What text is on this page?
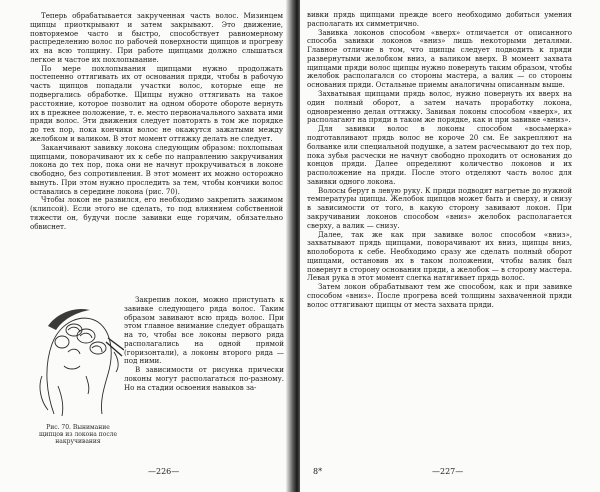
Теперь обрабатывается закрученная часть волос. Мизинцем щипцы приоткрывают и затем закрывают. Это движение, повторяемое часто и быстро, способствует равномерному распределению волос по рабочей поверхности щипцов и прогреву их на всю толщину. При работе щипцами должно слышаться легкое и частое их похлопывание.

По мере похлопывания щипцами нужно продолжать постепенно оттягивать их от основания пряди, чтобы в рабочую часть щипцов попадали участки волос, которые еще не подвергались обработке. Щипцы нужно оттягивать на такое расстояние, которое позволит на одном обороте обороте вернуть их в прежнее положение, т. е. место первоначального захвата ими пряди волос. Эти движения следует повторять в том же порядке до тех пор, пока кончики волос не окажутся зажатыми между желобком и валиком. В этот момент оттяжку делать не следует.

Заканчивают завивку локона следующим образом: похлопывая щипцами, поворачивают их к себе по направлению закручивания локона до тех пор, пока они не начнут прокручиваться в локоне свободно, без сопротивления. В этот момент их можно осторожно вынуть. При этом нужно проследить за тем, чтобы кончики волос оставались в середине локона (рис. 70).

Чтобы локон не развился, его необходимо закрепить зажимом (клипсой). Если этого не сделать, то под влиянием собственной тяжести он, будучи после завивки еще горячим, обязательно обвиснет.

Рис. 70. Вынимание щипцов из локона после накручивания

Закрепив локон, можно приступать к завивке следующего ряда волос. Таким образом завивают всю прядь волос. При этом главное внимание следует обращать на то, чтобы все локоны первого ряда располагались на одной прямой (горизонтали), а локоны второго ряда — под ними.

В зависимости от рисунка прически локоны могут располагаться по-разному. Но на стадии освоения навыков за-

—226—

вивки прядь щипцами прежде всего необходимо добиться умения располагать их симметрично.

Завивка локонов способом «вверх» отличается от описанного способа завивки локонов «вниз» лишь некоторыми деталями. Главное отличие в том, что щипцы следует подводить к пряди развернутыми желобком вниз, а валиком вверх. В момент захвата щипцами пряди волос щипцы нужно повернуть таким образом, чтобы желобок располагался со стороны мастера, а валик — со стороны основания пряди. Остальные приемы аналогичны описанным выше.

Захватывая щипцами прядь волос, нужно повернуть их вверх на один полный оборот, а затем начать проработку локона, одновременно делая оттяжку. Завивая локоны способом «вверх», их располагают на пряди в таком же порядке, как и при завивке «вниз».

Для завивки волос в локоны способом «восьмерка» подготавливают прядь волос не короче 20 см. Ее закрепляют на болванке или специальной подушке, а затем расчесывают до тех пор, пока зубья расчески не начнут свободно проходить от основания до концов пряди. Далее определяют количество локонов и их расположение на пряди. После этого отделяют часть волос для завивки одного локона.

Волосы берут в левую руку. К пряди подводят нагретые до нужной температуры щипцы. Желобок щипцов может быть и сверху, и снизу в зависимости от того, в какую сторону завивают локон. При закручивании локонов способом «вниз» желобок располагается сверху, а валик — снизу.

Далее, так же как при завивке волос способом «вниз», захватывают прядь щипцами, поворачивают их вниз, щипцы вниз, вполоборота к себе. Необходимо сразу же сделать полный оборот щипцами, остановив их в таком положении, чтобы валик был повернут в сторону основания пряди, а желобок — в сторону мастера. Левая рука в этот момент слегка натягивает прядь волос.

Затем локон обрабатывают тем же способом, как и при завивке способом «вниз». После прогрева всей толщины захваченной пряди волос оттягивают щипцы от места захвата пряди.

8*	—227—
